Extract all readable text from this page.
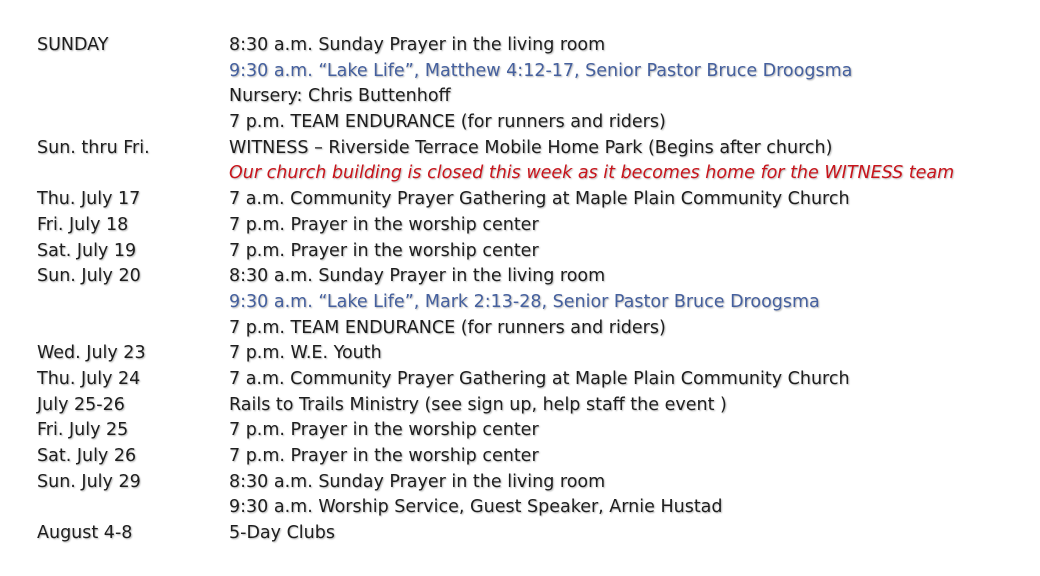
SUNDAY	8:30 a.m. Sunday Prayer in the living room
9:30 a.m. “Lake Life”, Matthew 4:12-17, Senior Pastor Bruce Droogsma
Nursery: Chris Buttenhoff
7 p.m. TEAM ENDURANCE (for runners and riders)
Sun. thru Fri.	WITNESS – Riverside Terrace Mobile Home Park (Begins after church)
Our church building is closed this week as it becomes home for the WITNESS team
Thu. July 17	7 a.m. Community Prayer Gathering at Maple Plain Community Church
Fri. July 18	7 p.m. Prayer in the worship center
Sat. July 19	7 p.m. Prayer in the worship center
Sun. July 20	8:30 a.m. Sunday Prayer in the living room
9:30 a.m. “Lake Life”, Mark 2:13-28, Senior Pastor Bruce Droogsma
7 p.m. TEAM ENDURANCE (for runners and riders)
Wed. July 23	7 p.m. W.E. Youth
Thu. July 24	7 a.m. Community Prayer Gathering at Maple Plain Community Church
July 25-26	Rails to Trails Ministry (see sign up, help staff the event )
Fri. July 25	7 p.m. Prayer in the worship center
Sat. July 26	7 p.m. Prayer in the worship center
Sun. July 29	8:30 a.m. Sunday Prayer in the living room
9:30 a.m. Worship Service, Guest Speaker, Arnie Hustad
August 4-8	5-Day Clubs
